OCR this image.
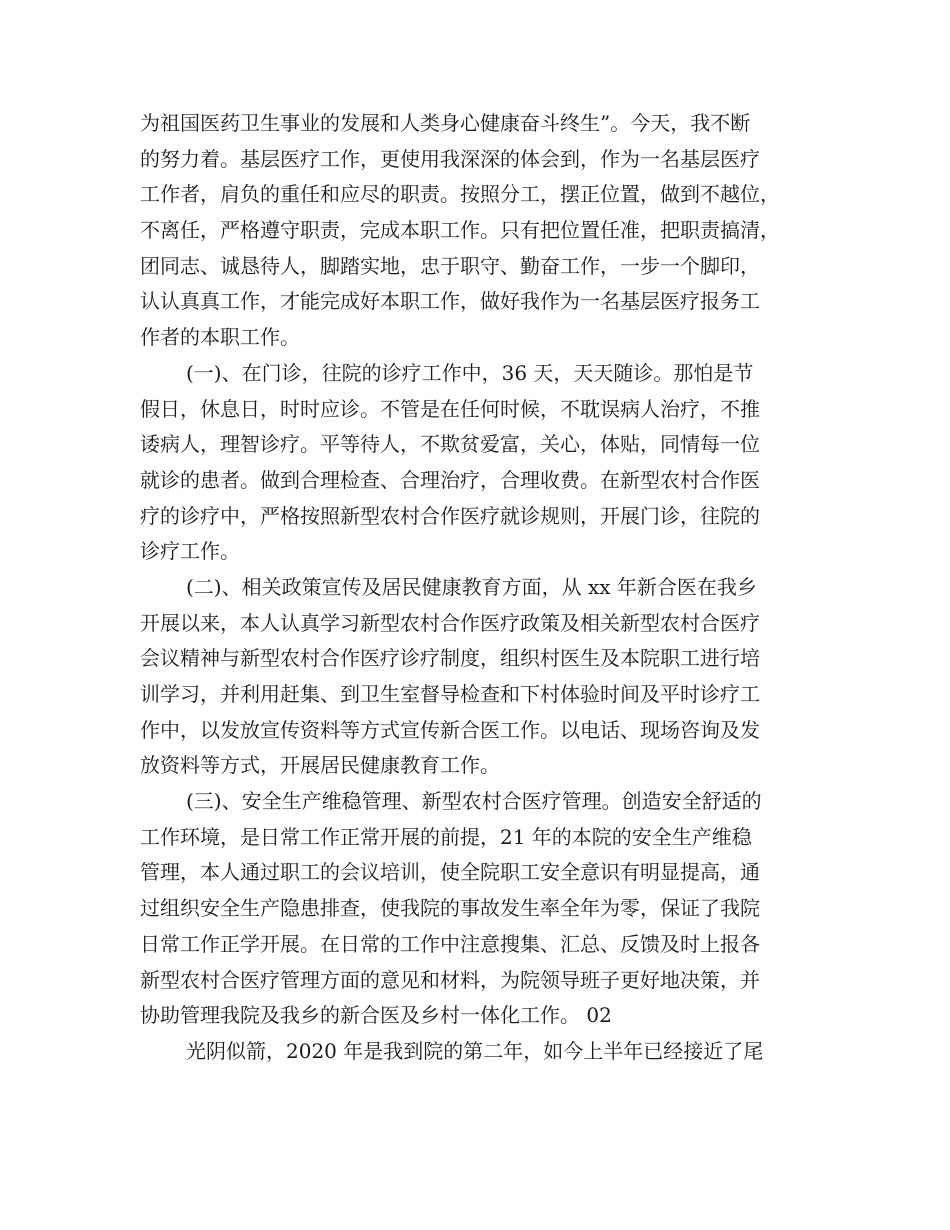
为祖国医药卫生事业的发展和人类身心健康奋斗终生”。今天，我不断
的努力着。基层医疗工作，更使用我深深的体会到，作为一名基层医疗
工作者，肩负的重任和应尽的职责。按照分工，摆正位置，做到不越位，
不离任，严格遵守职责，完成本职工作。只有把位置任准，把职责搞清，
团同志、诚恳待人，脚踏实地，忠于职守、勤奋工作，一步一个脚印，
认认真真工作，才能完成好本职工作，做好我作为一名基层医疗报务工
作者的本职工作。
(一)、在门诊，往院的诊疗工作中，36 天，天天随诊。那怕是节
假日，休息日，时时应诊。不管是在任何时候，不耽误病人治疗，不推
诿病人，理智诊疗。平等待人，不欺贫爱富，关心，体贴，同情每一位
就诊的患者。做到合理检查、合理治疗，合理收费。在新型农村合作医
疗的诊疗中，严格按照新型农村合作医疗就诊规则，开展门诊，往院的
诊疗工作。
(二)、相关政策宣传及居民健康教育方面，从 xx 年新合医在我乡
开展以来，本人认真学习新型农村合作医疗政策及相关新型农村合医疗
会议精神与新型农村合作医疗诊疗制度，组织村医生及本院职工进行培
训学习，并利用赶集、到卫生室督导检查和下村体验时间及平时诊疗工
作中，以发放宣传资料等方式宣传新合医工作。以电话、现场咨询及发
放资料等方式，开展居民健康教育工作。
(三)、安全生产维稳管理、新型农村合医疗管理。创造安全舒适的
工作环境，是日常工作正常开展的前提，21 年的本院的安全生产维稳
管理，本人通过职工的会议培训，使全院职工安全意识有明显提高，通
过组织安全生产隐患排查，使我院的事故发生率全年为零，保证了我院
日常工作正学开展。在日常的工作中注意搜集、汇总、反馈及时上报各
新型农村合医疗管理方面的意见和材料，为院领导班子更好地决策，并
协助管理我院及我乡的新合医及乡村一体化工作。 02
光阴似箭，2020 年是我到院的第二年，如今上半年已经接近了尾
